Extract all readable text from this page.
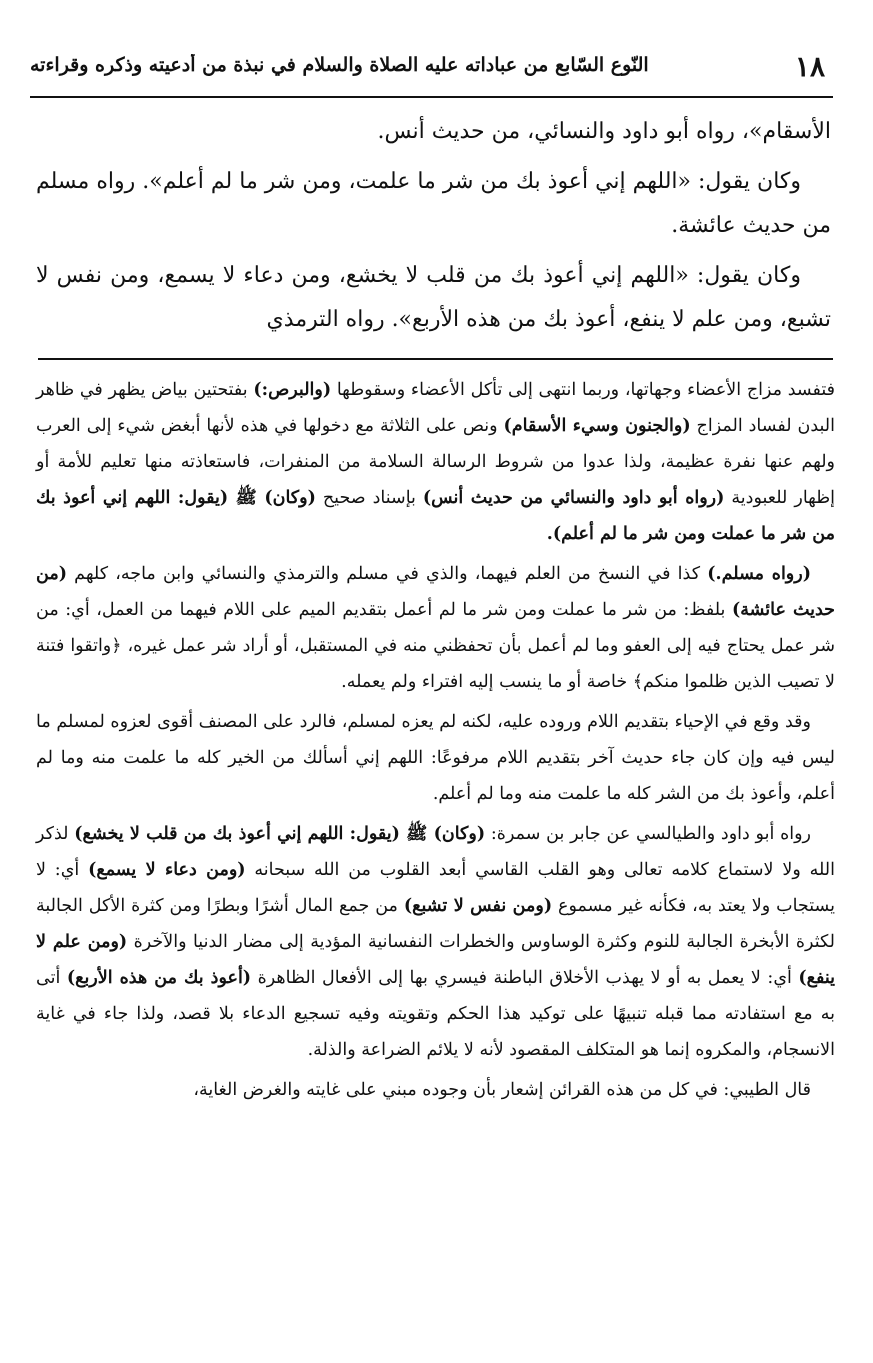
١٨
النّوع السّابع من عباداته عليه الصلاة والسلام في نبذة من أدعيته وذكره وقراءته

الأسقام»، رواه أبو داود والنسائي، من حديث أنس.

وكان يقول: «اللهم إني أعوذ بك من شر ما علمت، ومن شر ما لم أعلم». رواه مسلم من حديث عائشة.

وكان يقول: «اللهم إني أعوذ بك من قلب لا يخشع، ومن دعاء لا يسمع، ومن نفس لا تشبع، ومن علم لا ينفع، أعوذ بك من هذه الأربع». رواه الترمذي

فتفسد مزاج الأعضاء وجهاتها، وربما انتهى إلى تأكل الأعضاء وسقوطها (والبرص:) بفتحتين بياض يظهر في ظاهر البدن لفساد المزاج (والجنون وسيء الأسقام) ونص على الثلاثة مع دخولها في هذه لأنها أبغض شيء إلى العرب ولهم عنها نفرة عظيمة، ولذا عدوا من شروط الرسالة السلامة من المنفرات، فاستعاذته منها تعليم للأمة أو إظهار للعبودية (رواه أبو داود والنسائي من حديث أنس) بإسناد صحيح (وكان) ﷺ (يقول: اللهم إني أعوذ بك من شر ما عملت ومن شر ما لم أعلم).

(رواه مسلم.) كذا في النسخ من العلم فيهما، والذي في مسلم والترمذي والنسائي وابن ماجه، كلهم (من حديث عائشة) بلفظ: من شر ما عملت ومن شر ما لم أعمل بتقديم الميم على اللام فيهما من العمل، أي: من شر عمل يحتاج فيه إلى العفو وما لم أعمل بأن تحفظني منه في المستقبل، أو أراد شر عمل غيره، ﴿واتقوا فتنة لا تصيب الذين ظلموا منكم﴾ خاصة أو ما ينسب إليه افتراء ولم يعمله.

وقد وقع في الإحياء بتقديم اللام وروده عليه، لكنه لم يعزه لمسلم، فالرد على المصنف أقوى لعزوه لمسلم ما ليس فيه وإن كان جاء حديث آخر بتقديم اللام مرفوعًا: اللهم إني أسألك من الخير كله ما علمت منه وما لم أعلم، وأعوذ بك من الشر كله ما علمت منه وما لم أعلم.

رواه أبو داود والطيالسي عن جابر بن سمرة: (وكان) ﷺ (يقول: اللهم إني أعوذ بك من قلب لا يخشع) لذكر الله ولا لاستماع كلامه تعالى وهو القلب القاسي أبعد القلوب من الله سبحانه (ومن دعاء لا يسمع) أي: لا يستجاب ولا يعتد به، فكأنه غير مسموع (ومن نفس لا تشبع) من جمع المال أشرًا وبطرًا ومن كثرة الأكل الجالبة لكثرة الأبخرة الجالبة للنوم وكثرة الوساوس والخطرات النفسانية المؤدية إلى مضار الدنيا والآخرة (ومن علم لا ينفع) أي: لا يعمل به أو لا يهذب الأخلاق الباطنة فيسري بها إلى الأفعال الظاهرة (أعوذ بك من هذه الأربع) أتى به مع استفادته مما قبله تنبيهًا على توكيد هذا الحكم وتقويته وفيه تسجيع الدعاء بلا قصد، ولذا جاء في غاية الانسجام، والمكروه إنما هو المتكلف المقصود لأنه لا يلائم الضراعة والذلة.

قال الطيبي: في كل من هذه القرائن إشعار بأن وجوده مبني على غايته والغرض الغاية،
